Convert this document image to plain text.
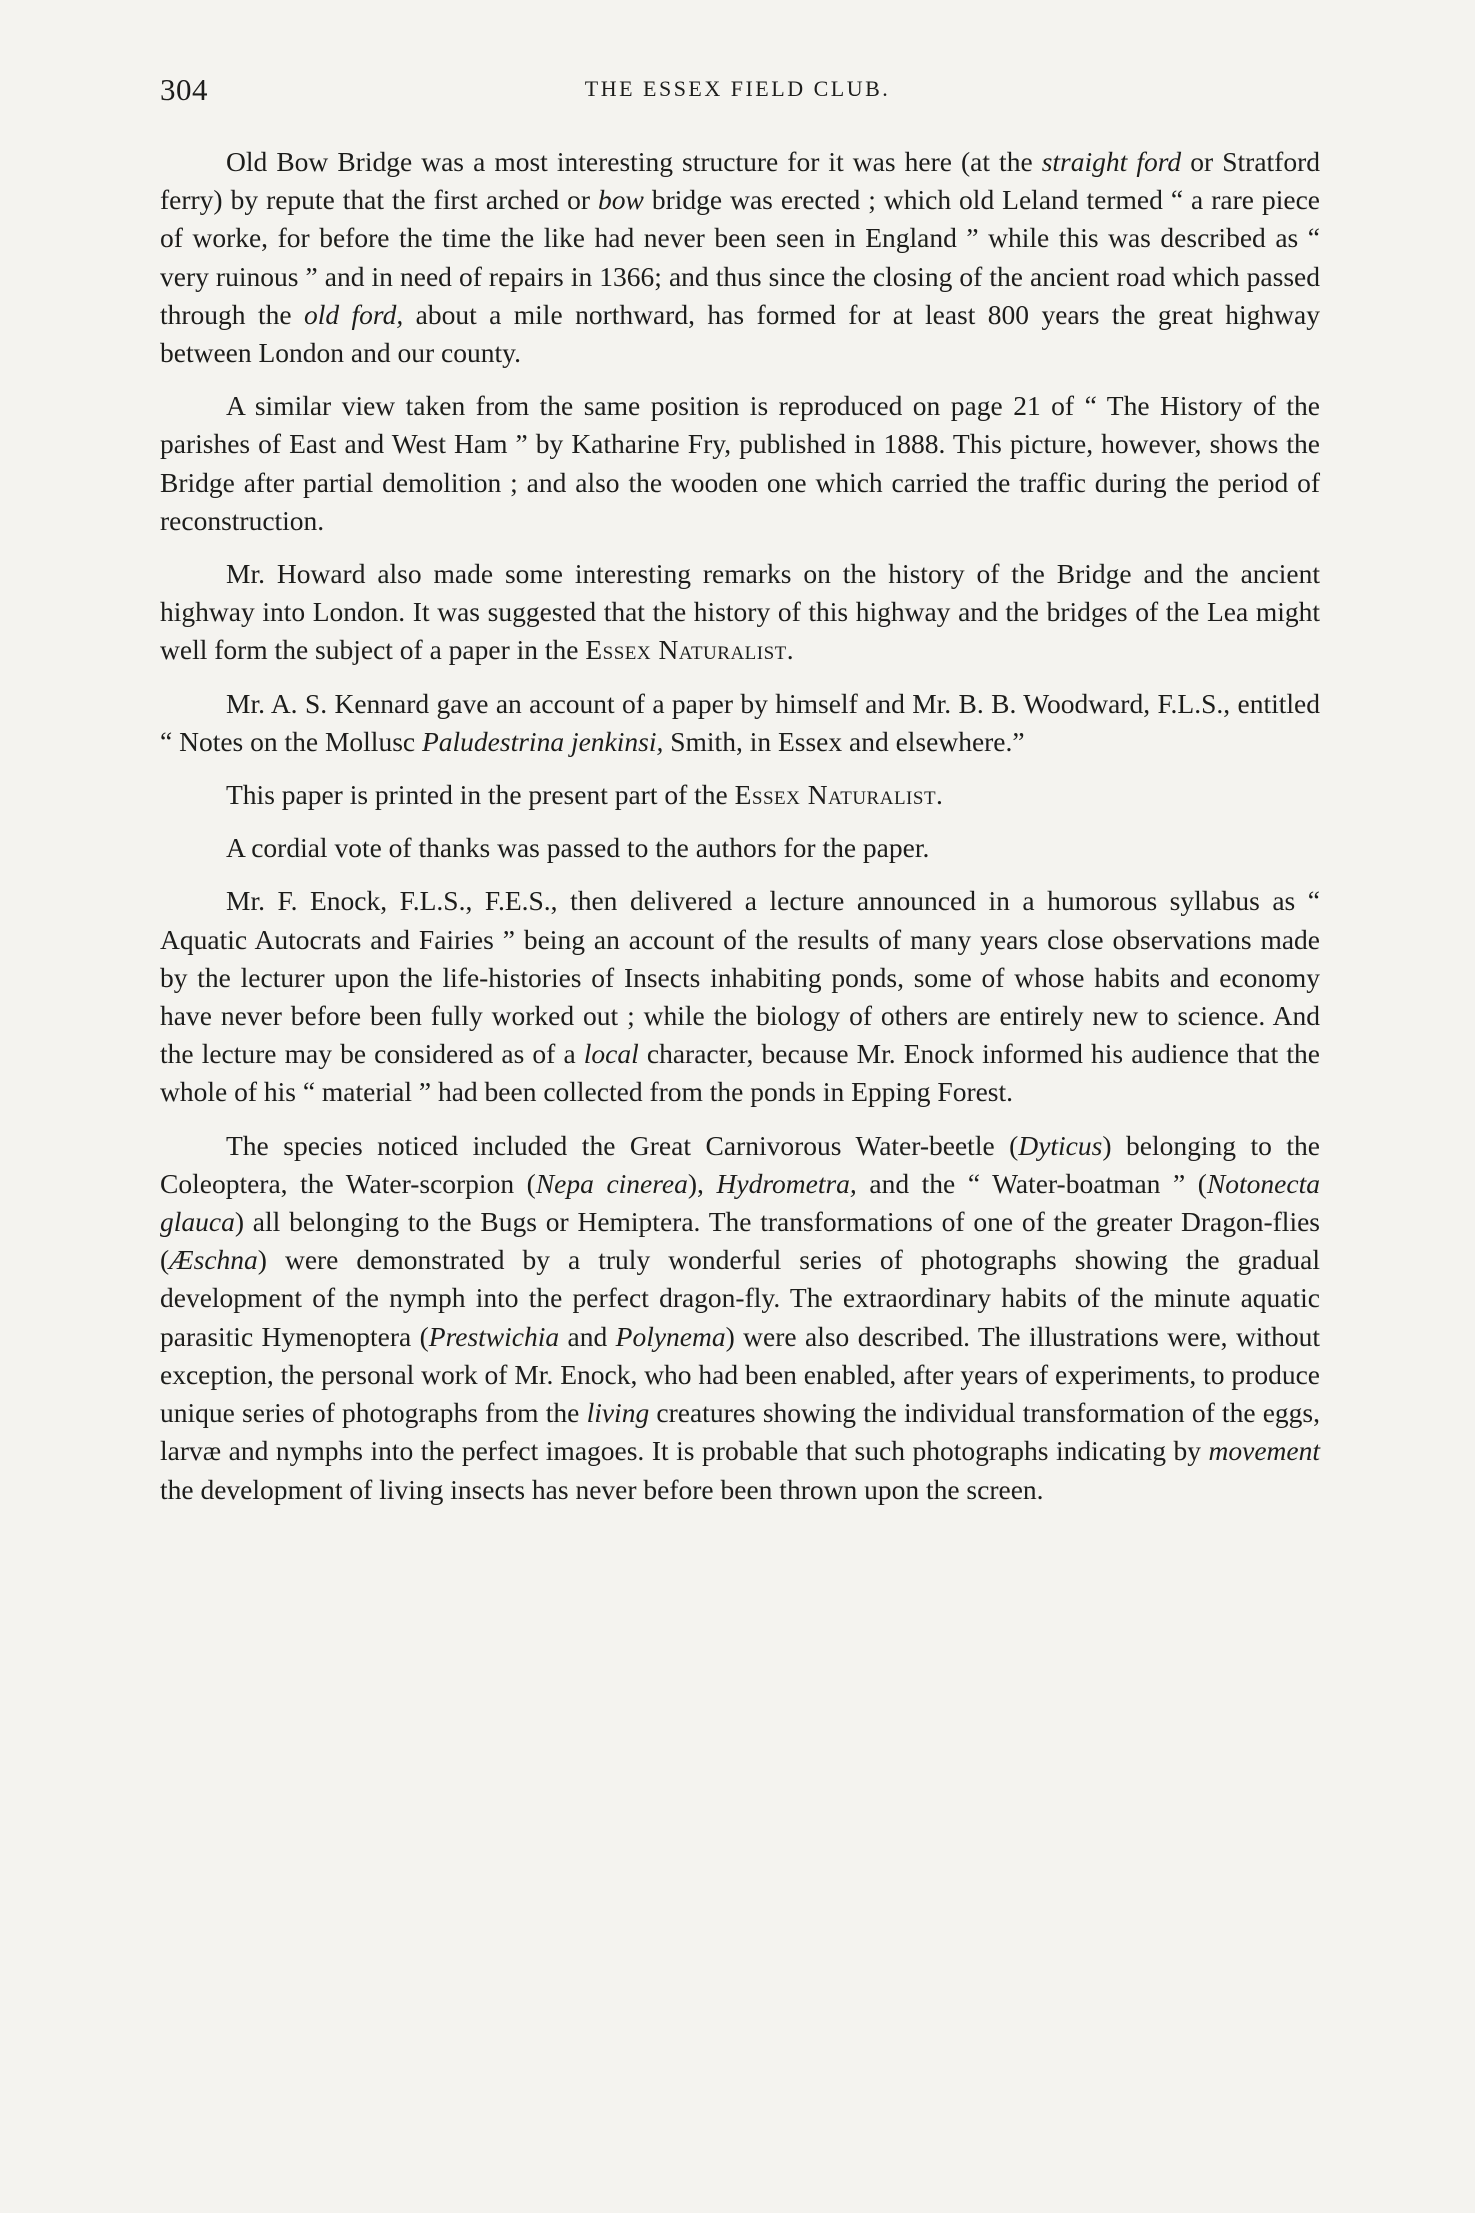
304	THE ESSEX FIELD CLUB.

Old Bow Bridge was a most interesting structure for it was here (at the straight ford or Stratford ferry) by repute that the first arched or bow bridge was erected ; which old Leland termed “ a rare piece of worke, for before the time the like had never been seen in England ” while this was described as “ very ruinous ” and in need of repairs in 1366; and thus since the closing of the ancient road which passed through the old ford, about a mile northward, has formed for at least 800 years the great highway between London and our county.

A similar view taken from the same position is reproduced on page 21 of “ The History of the parishes of East and West Ham ” by Katharine Fry, published in 1888. This picture, however, shows the Bridge after partial demolition ; and also the wooden one which carried the traffic during the period of reconstruction.

Mr. Howard also made some interesting remarks on the history of the Bridge and the ancient highway into London. It was suggested that the history of this highway and the bridges of the Lea might well form the subject of a paper in the Essex Naturalist.

Mr. A. S. Kennard gave an account of a paper by himself and Mr. B. B. Woodward, F.L.S., entitled “ Notes on the Mollusc Paludestrina jenkinsi, Smith, in Essex and elsewhere.”

This paper is printed in the present part of the Essex Naturalist.

A cordial vote of thanks was passed to the authors for the paper.

Mr. F. Enock, F.L.S., F.E.S., then delivered a lecture announced in a humorous syllabus as “ Aquatic Autocrats and Fairies ” being an account of the results of many years close observations made by the lecturer upon the life-histories of Insects inhabiting ponds, some of whose habits and economy have never before been fully worked out ; while the biology of others are entirely new to science. And the lecture may be considered as of a local character, because Mr. Enock informed his audience that the whole of his “ material ” had been collected from the ponds in Epping Forest.

The species noticed included the Great Carnivorous Water-beetle (Dyticus) belonging to the Coleoptera, the Water-scorpion (Nepa cinerea), Hydrometra, and the “ Water-boatman ” (Notonecta glauca) all belonging to the Bugs or Hemiptera. The transformations of one of the greater Dragon-flies (Æschna) were demonstrated by a truly wonderful series of photographs showing the gradual development of the nymph into the perfect dragon-fly. The extraordinary habits of the minute aquatic parasitic Hymenoptera (Prestwichia and Polynema) were also described. The illustrations were, without exception, the personal work of Mr. Enock, who had been enabled, after years of experiments, to produce unique series of photographs from the living creatures showing the individual transformation of the eggs, larvæ and nymphs into the perfect imagoes. It is probable that such photographs indicating by movement the development of living insects has never before been thrown upon the screen.
